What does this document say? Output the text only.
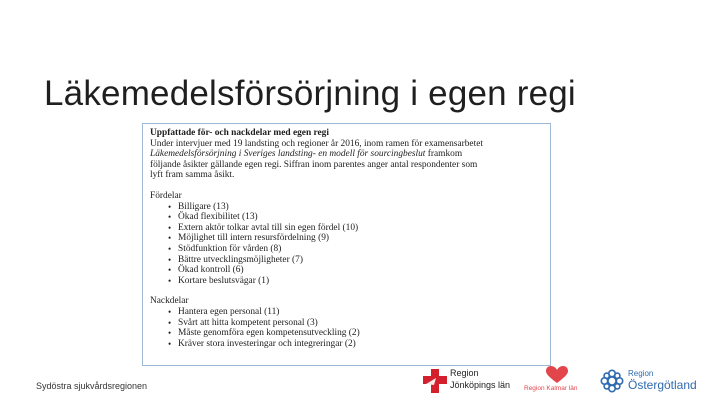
Läkemedelsförsörjning i egen regi
Uppfattade för- och nackdelar med egen regi
Under intervjuer med 19 landsting och regioner år 2016, inom ramen för examensarbetet
Läkemedelsförsörjning i Sveriges landsting- en modell för sourcingbeslut framkom
följande åsikter gällande egen regi. Siffran inom parentes anger antal respondenter som
lyft fram samma åsikt.
Fördelar
• Billigare (13)
• Ökad flexibilitet (13)
• Extern aktör tolkar avtal till sin egen fördel (10)
• Möjlighet till intern resursfördelning (9)
• Stödfunktion för vården (8)
• Bättre utvecklingsmöjligheter (7)
• Ökad kontroll (6)
• Kortare beslutsvägar (1)
Nackdelar
• Hantera egen personal (11)
• Svårt att hitta kompetent personal (3)
• Måste genomföra egen kompetensutveckling (2)
• Kräver stora investeringar och integreringar (2)
Sydöstra sjukvårdsregionen
Region
Jönköpings län Region Kalmar län
Region
Östergötland
